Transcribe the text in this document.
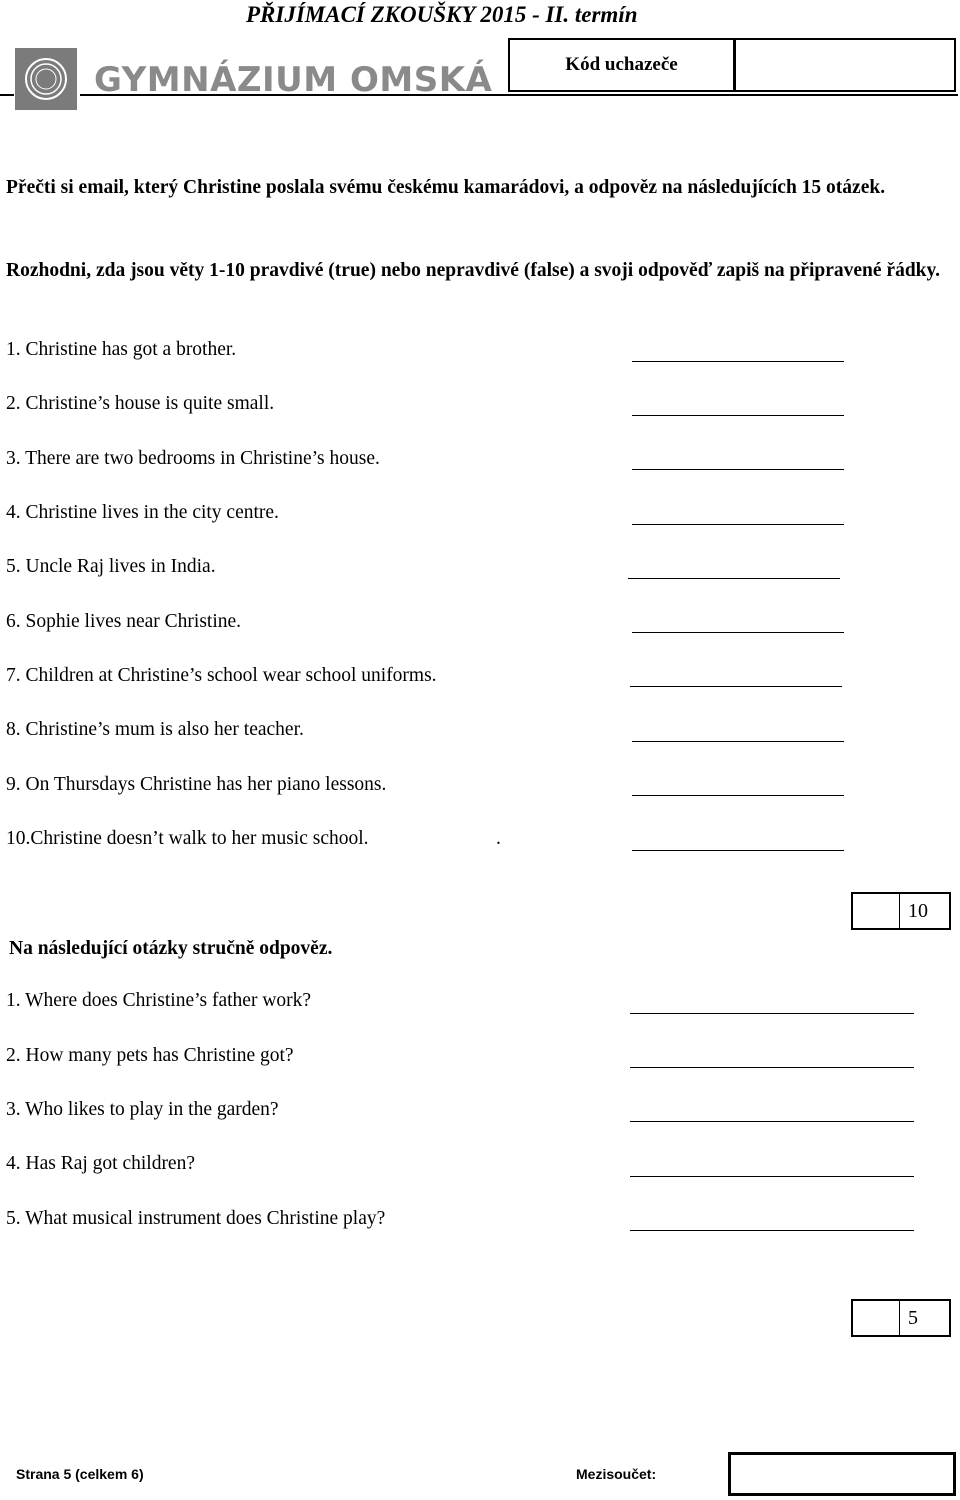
PŘIJÍMACÍ ZKOUŠKY 2015 - II. termín
GYMNÁZIUM OMSKÁ	Kód uchazeče
Přečti si email, který Christine poslala svému českému kamarádovi, a odpověz na následujících 15 otázek.
Rozhodni, zda jsou věty 1-10 pravdivé (true) nebo nepravdivé (false) a svoji odpověď zapiš na připravené řádky.
1. Christine has got a brother.
2. Christine’s house is quite small.
3. There are two bedrooms in Christine’s house.
4. Christine lives in the city centre.
5. Uncle Raj lives in India.
6. Sophie lives near Christine.
7. Children at Christine’s school wear school uniforms.
8. Christine’s mum is also her teacher.
9. On Thursdays Christine has her piano lessons.
10.Christine doesn’t walk to her music school.	.
10
Na následující otázky stručně odpověz.
1. Where does Christine’s father work?
2. How many pets has Christine got?
3. Who likes to play in the garden?
4. Has Raj got children?
5. What musical instrument does Christine play?
5
Strana 5 (celkem 6)	Mezisoučet:
